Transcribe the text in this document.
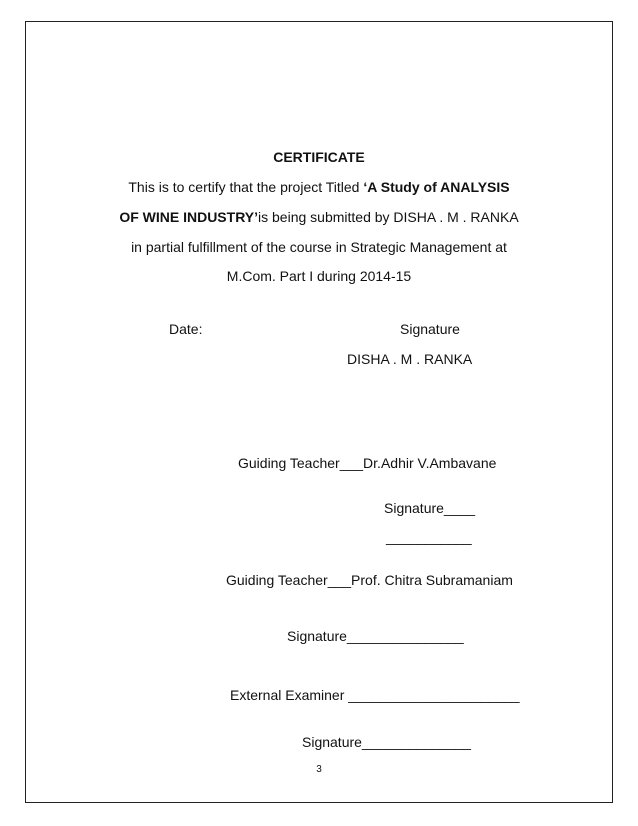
CERTIFICATE
This is to certify that the project Titled ‘A Study of ANALYSIS
OF WINE INDUSTRY’is being submitted by DISHA . M . RANKA
in partial fulfillment of the course in Strategic Management at
M.Com. Part I during 2014-15
Date:	Signature
DISHA . M . RANKA
Guiding Teacher___Dr.Adhir V.Ambavane
Signature____
___________
Guiding Teacher___Prof. Chitra Subramaniam
Signature_______________
External Examiner ______________________
Signature______________
3
